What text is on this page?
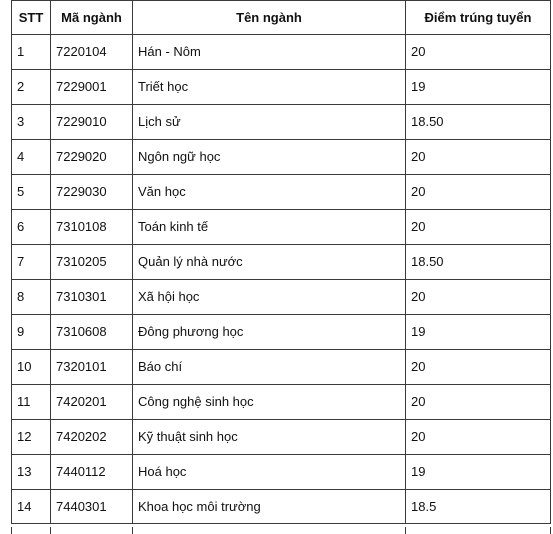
STT	Mã ngành	Tên ngành	Điểm trúng tuyển
1	7220104	Hán - Nôm	20
2	7229001	Triết học	19
3	7229010	Lịch sử	18.50
4	7229020	Ngôn ngữ học	20
5	7229030	Văn học	20
6	7310108	Toán kinh tế	20
7	7310205	Quản lý nhà nước	18.50
8	7310301	Xã hội học	20
9	7310608	Đông phương học	19
10	7320101	Báo chí	20
11	7420201	Công nghệ sinh học	20
12	7420202	Kỹ thuật sinh học	20
13	7440112	Hoá học	19
14	7440301	Khoa học môi trường	18.5
